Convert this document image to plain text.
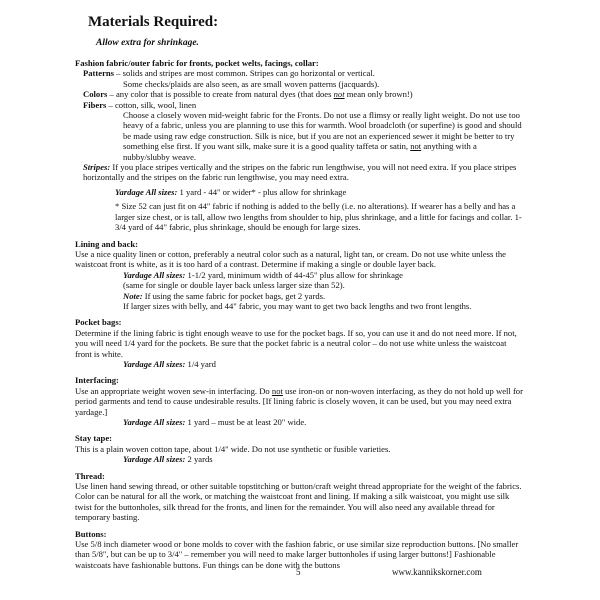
Materials Required:
Allow extra for shrinkage.
Fashion fabric/outer fabric for fronts, pocket welts, facings, collar:
Patterns – solids and stripes are most common. Stripes can go horizontal or vertical.
Some checks/plaids are also seen, as are small woven patterns (jacquards).
Colors – any color that is possible to create from natural dyes (that does not mean only brown!)
Fibers – cotton, silk, wool, linen
Choose a closely woven mid-weight fabric for the Fronts. Do not use a flimsy or really light weight. Do not use too heavy of a fabric, unless you are planning to use this for warmth. Wool broadcloth (or superfine) is good and should be made using raw edge construction. Silk is nice, but if you are not an experienced sewer it might be better to try something else first. If you want silk, make sure it is a good quality taffeta or satin, not anything with a nubby/slubby weave.
Stripes: If you place stripes vertically and the stripes on the fabric run lengthwise, you will not need extra. If you place stripes horizontally and the stripes on the fabric run lengthwise, you may need extra.
Yardage All sizes: 1 yard - 44" or wider* - plus allow for shrinkage
* Size 52 can just fit on 44" fabric if nothing is added to the belly (i.e. no alterations). If wearer has a belly and has a larger size chest, or is tall, allow two lengths from shoulder to hip, plus shrinkage, and a little for facings and collar. 1-3/4 yard of 44" fabric, plus shrinkage, should be enough for large sizes.
Lining and back:
Use a nice quality linen or cotton, preferably a neutral color such as a natural, light tan, or cream. Do not use white unless the waistcoat front is white, as it is too hard of a contrast. Determine if making a single or double layer back.
Yardage All sizes: 1-1/2 yard, minimum width of 44-45" plus allow for shrinkage
(same for single or double layer back unless larger size than 52).
Note: If using the same fabric for pocket bags, get 2 yards.
If larger sizes with belly, and 44" fabric, you may want to get two back lengths and two front lengths.
Pocket bags:
Determine if the lining fabric is tight enough weave to use for the pocket bags. If so, you can use it and do not need more. If not, you will need 1/4 yard for the pockets. Be sure that the pocket fabric is a neutral color – do not use white unless the waistcoat front is white.
Yardage All sizes: 1/4 yard
Interfacing:
Use an appropriate weight woven sew-in interfacing. Do not use iron-on or non-woven interfacing, as they do not hold up well for period garments and tend to cause undesirable results. [If lining fabric is closely woven, it can be used, but you may need extra yardage.]
Yardage All sizes: 1 yard – must be at least 20" wide.
Stay tape:
This is a plain woven cotton tape, about 1/4" wide. Do not use synthetic or fusible varieties.
Yardage All sizes: 2 yards
Thread:
Use linen hand sewing thread, or other suitable topstitching or button/craft weight thread appropriate for the weight of the fabrics. Color can be natural for all the work, or matching the waistcoat front and lining. If making a silk waistcoat, you might use silk twist for the buttonholes, silk thread for the fronts, and linen for the remainder. You will also need any available thread for temporary basting.
Buttons:
Use 5/8 inch diameter wood or bone molds to cover with the fashion fabric, or use similar size reproduction buttons. [No smaller than 5/8", but can be up to 3/4" – remember you will need to make larger buttonholes if using larger buttons!] Fashionable waistcoats have fashionable buttons. Fun things can be done with the buttons
5	www.kannikskorner.com
